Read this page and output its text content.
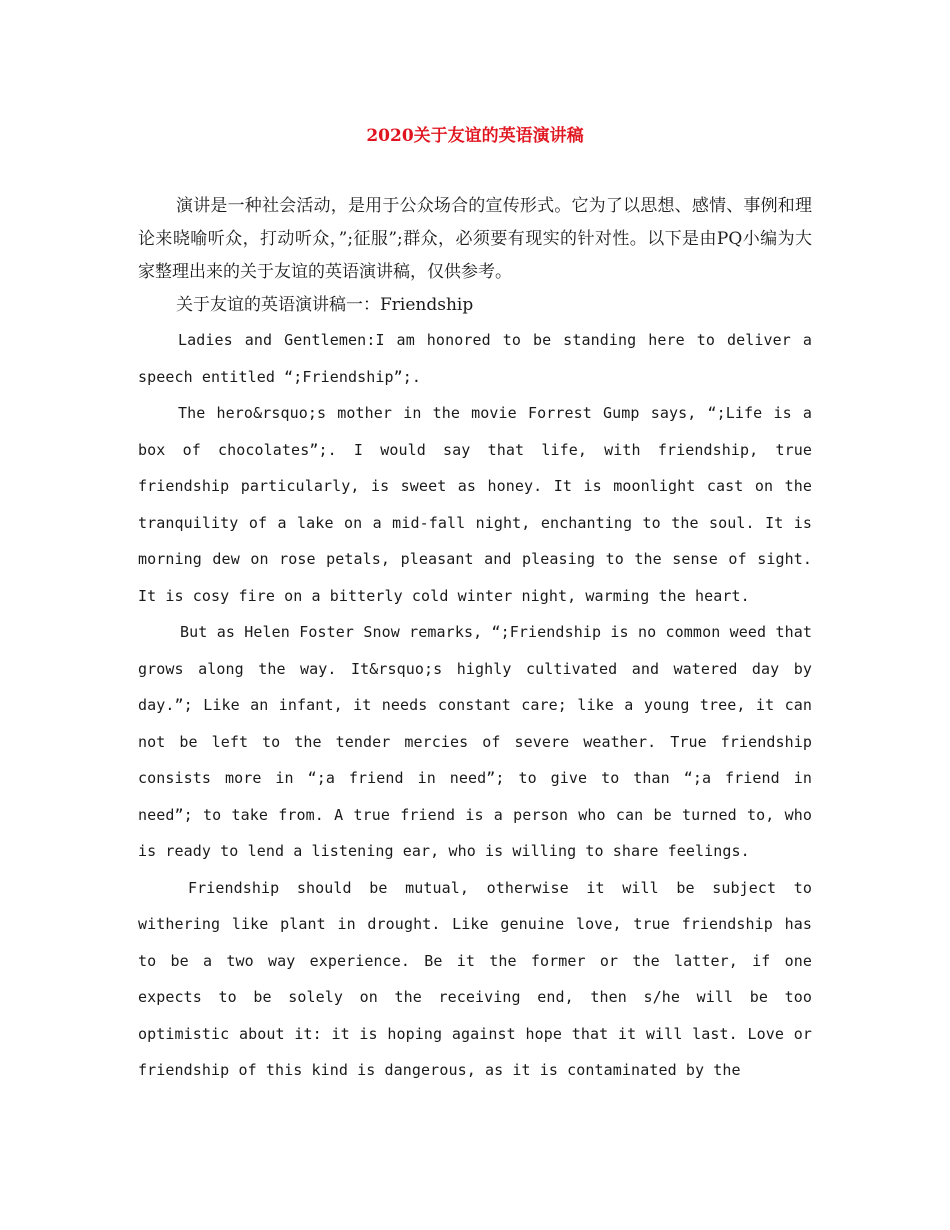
2020关于友谊的英语演讲稿

演讲是一种社会活动，是用于公众场合的宣传形式。它为了以思想、感情、事例和理论来晓喻听众，打动听众，”;征服”;群众，必须要有现实的针对性。以下是由PQ小编为大家整理出来的关于友谊的英语演讲稿，仅供参考。

关于友谊的英语演讲稿一：Friendship

Ladies and Gentlemen:I am honored to be standing here to deliver a speech entitled “;Friendship”;.

The hero&rsquo;s mother in the movie Forrest Gump says, “;Life is a box of chocolates”;. I would say that life, with friendship, true friendship particularly, is sweet as honey. It is moonlight cast on the tranquility of a lake on a mid-fall night, enchanting to the soul. It is morning dew on rose petals, pleasant and pleasing to the sense of sight. It is cosy fire on a bitterly cold winter night, warming the heart.

But as Helen Foster Snow remarks, “;Friendship is no common weed that grows along the way. It&rsquo;s highly cultivated and watered day by day.”; Like an infant, it needs constant care; like a young tree, it can not be left to the tender mercies of severe weather. True friendship consists more in “;a friend in need”; to give to than “;a friend in need”; to take from. A true friend is a person who can be turned to, who is ready to lend a listening ear, who is willing to share feelings.

Friendship should be mutual, otherwise it will be subject to withering like plant in drought. Like genuine love, true friendship has to be a two way experience. Be it the former or the latter, if one expects to be solely on the receiving end, then s/he will be too optimistic about it: it is hoping against hope that it will last. Love or friendship of this kind is dangerous, as it is contaminated by the
